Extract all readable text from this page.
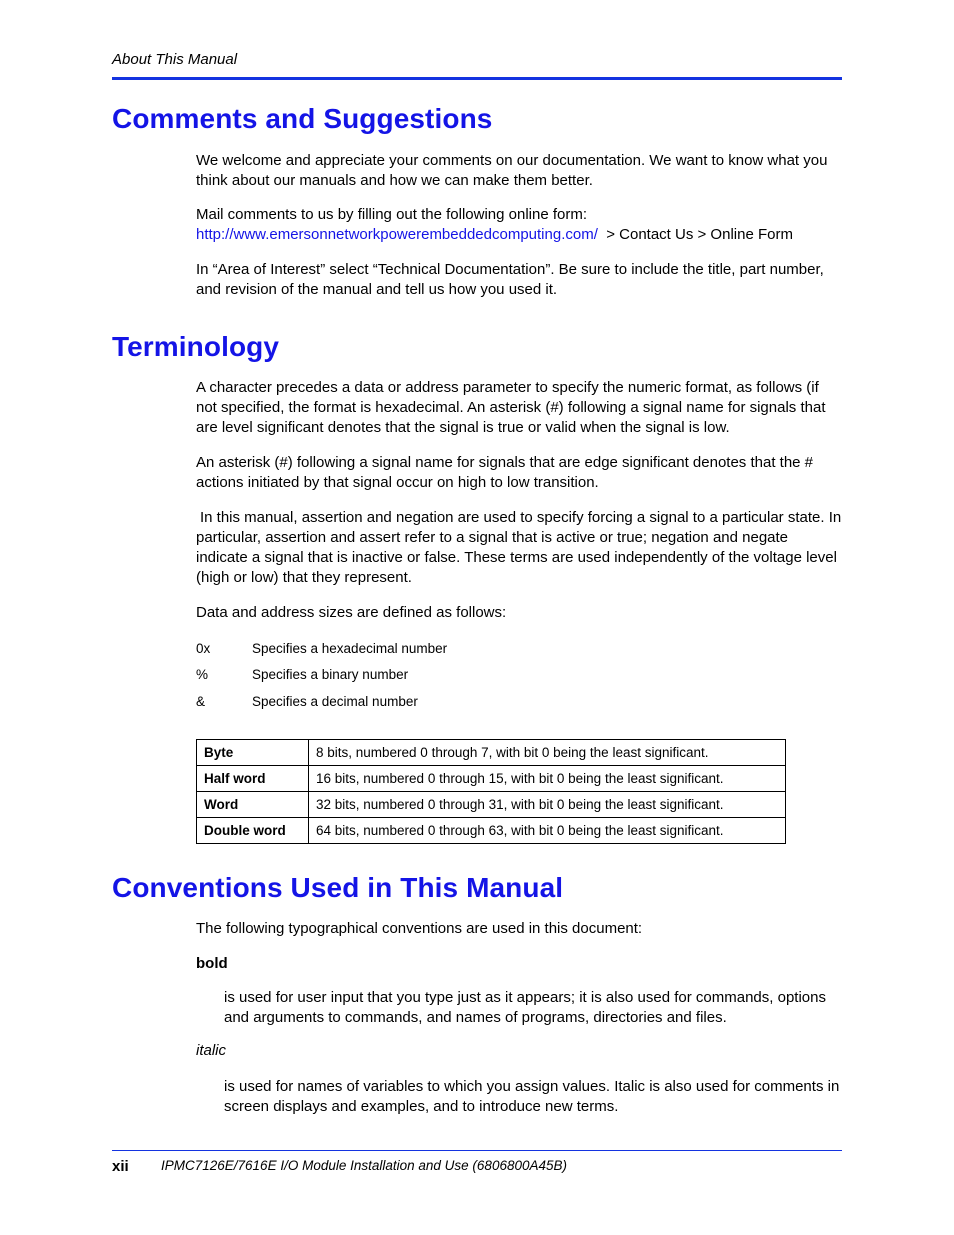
About This Manual
Comments and Suggestions

We welcome and appreciate your comments on our documentation. We want to know what you think about our manuals and how we can make them better.

Mail comments to us by filling out the following online form:
http://www.emersonnetworkpowerembeddedcomputing.com/ > Contact Us > Online Form

In “Area of Interest” select “Technical Documentation”. Be sure to include the title, part number, and revision of the manual and tell us how you used it.

Terminology

A character precedes a data or address parameter to specify the numeric format, as follows (if not specified, the format is hexadecimal. An asterisk (#) following a signal name for signals that are level significant denotes that the signal is true or valid when the signal is low.

An asterisk (#) following a signal name for signals that are edge significant denotes that the # actions initiated by that signal occur on high to low transition.

In this manual, assertion and negation are used to specify forcing a signal to a particular state. In particular, assertion and assert refer to a signal that is active or true; negation and negate indicate a signal that is inactive or false. These terms are used independently of the voltage level (high or low) that they represent.

Data and address sizes are defined as follows:

0x	Specifies a hexadecimal number
%	Specifies a binary number
&	Specifies a decimal number
Byte	8 bits, numbered 0 through 7, with bit 0 being the least significant.
Half word	16 bits, numbered 0 through 15, with bit 0 being the least significant.
Word	32 bits, numbered 0 through 31, with bit 0 being the least significant.
Double word	64 bits, numbered 0 through 63, with bit 0 being the least significant.
Conventions Used in This Manual

The following typographical conventions are used in this document:

bold

is used for user input that you type just as it appears; it is also used for commands, options and arguments to commands, and names of programs, directories and files.

italic

is used for names of variables to which you assign values. Italic is also used for comments in screen displays and examples, and to introduce new terms.

xii IPMC7126E/7616E I/O Module Installation and Use (6806800A45B)
